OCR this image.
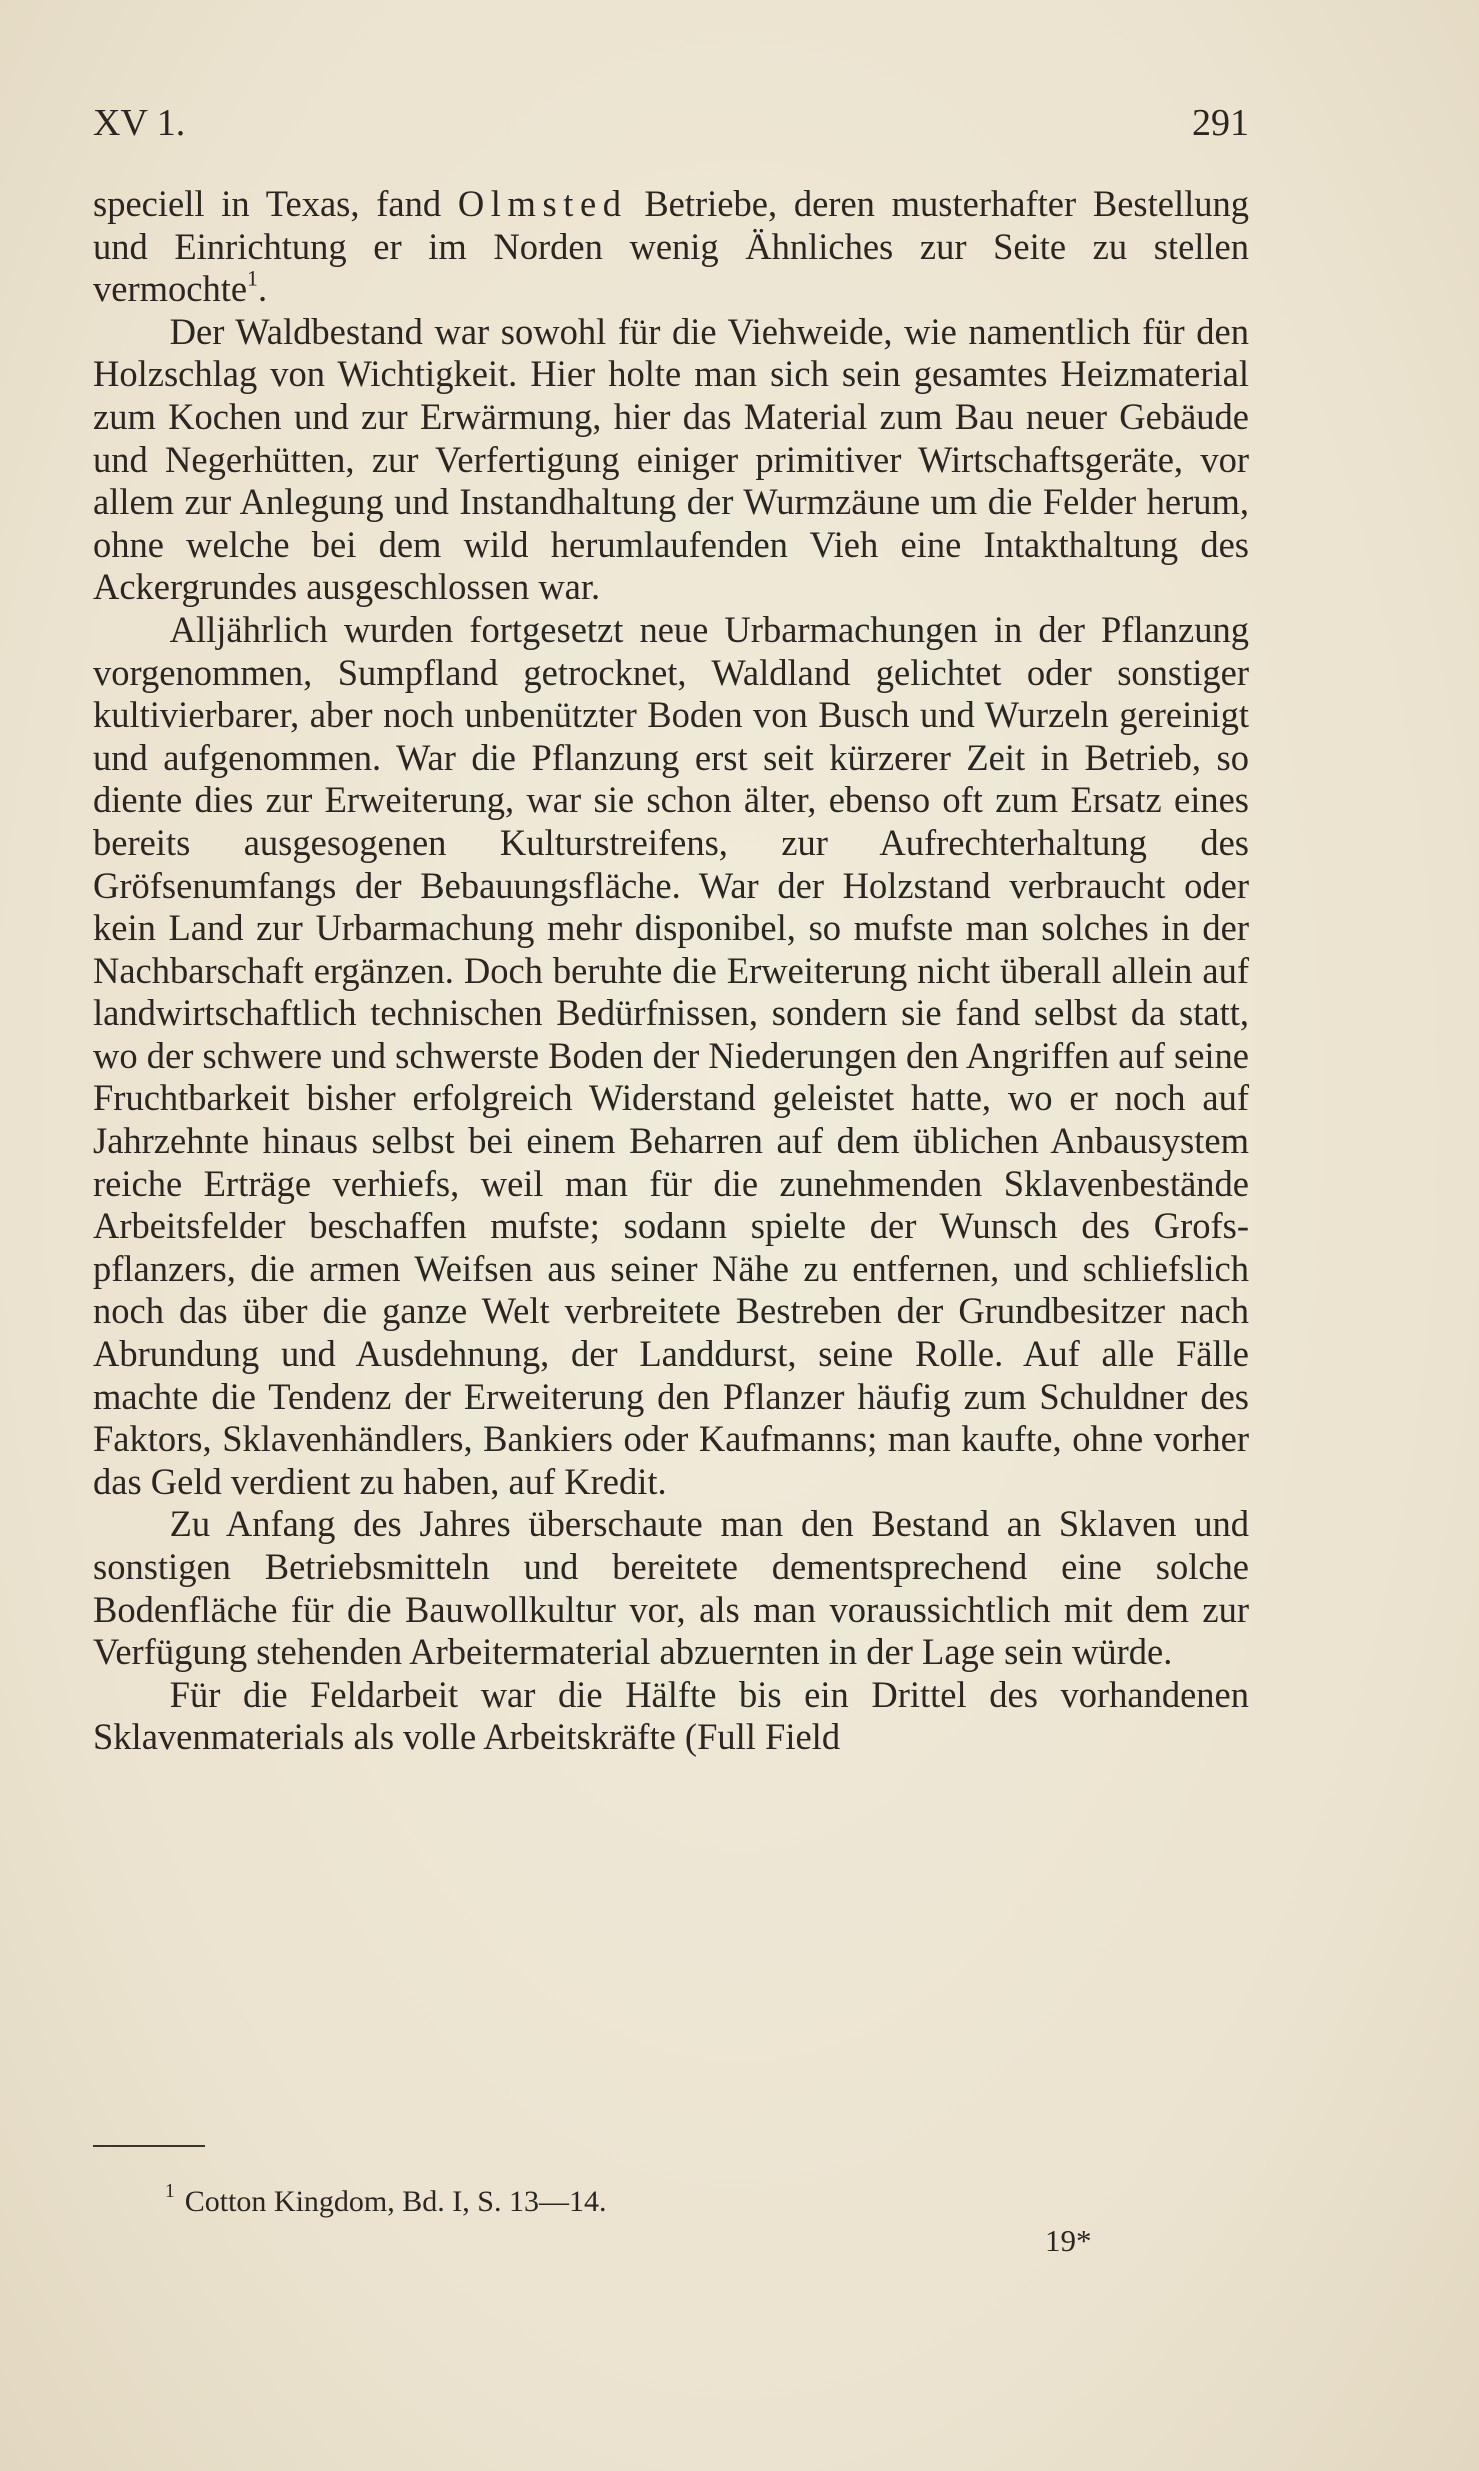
XV 1.	291

speciell in Texas, fand Olmsted Betriebe, deren musterhafter Bestellung und Einrichtung er im Norden wenig Ähnliches zur Seite zu stellen vermochte$^1$.

Der Waldbestand war sowohl für die Viehweide, wie namentlich für den Holzschlag von Wichtigkeit. Hier holte man sich sein gesamtes Heizmaterial zum Kochen und zur Erwärmung, hier das Material zum Bau neuer Gebäude und Negerhütten, zur Verfertigung einiger primitiver Wirtschaftsgeräte, vor allem zur Anlegung und Instandhaltung der Wurmzäune um die Felder herum, ohne welche bei dem wild herumlaufenden Vieh eine Intakthaltung des Ackergrundes ausgeschlossen war.

Alljährlich wurden fortgesetzt neue Urbarmachungen in der Pflanzung vorgenommen, Sumpfland getrocknet, Waldland gelichtet oder sonstiger kultivierbarer, aber noch unbenützter Boden von Busch und Wurzeln gereinigt und aufgenommen. War die Pflanzung erst seit kürzerer Zeit in Betrieb, so diente dies zur Erweiterung, war sie schon älter, ebenso oft zum Ersatz eines bereits ausgesogenen Kulturstreifens, zur Aufrechterhaltung des Gröfsenumfangs der Bebauungsfläche. War der Holzstand verbraucht oder kein Land zur Urbarmachung mehr disponibel, so mufste man solches in der Nachbarschaft ergänzen. Doch beruhte die Erweiterung nicht überall allein auf landwirtschaftlich technischen Bedürfnissen, sondern sie fand selbst da statt, wo der schwere und schwerste Boden der Niederungen den Angriffen auf seine Fruchtbarkeit bisher erfolgreich Widerstand geleistet hatte, wo er noch auf Jahrzehnte hinaus selbst bei einem Beharren auf dem üblichen Anbausystem reiche Erträge verhiefs, weil man für die zunehmenden Sklavenbestände Arbeitsfelder beschaffen mufste; sodann spielte der Wunsch des Grofspflanzers, die armen Weifsen aus seiner Nähe zu entfernen, und schliefslich noch das über die ganze Welt verbreitete Bestreben der Grundbesitzer nach Abrundung und Ausdehnung, der Landdurst, seine Rolle. Auf alle Fälle machte die Tendenz der Erweiterung den Pflanzer häufig zum Schuldner des Faktors, Sklavenhändlers, Bankiers oder Kaufmanns; man kaufte, ohne vorher das Geld verdient zu haben, auf Kredit.

Zu Anfang des Jahres überschaute man den Bestand an Sklaven und sonstigen Betriebsmitteln und bereitete dementsprechend eine solche Bodenfläche für die Bauwollkultur vor, als man voraussichtlich mit dem zur Verfügung stehenden Arbeitermaterial abzuernten in der Lage sein würde.

Für die Feldarbeit war die Hälfte bis ein Drittel des vorhandenen Sklavenmaterials als volle Arbeitskräfte (Full Field

$^1$ Cotton Kingdom, Bd. I, S. 13—14.
19*
